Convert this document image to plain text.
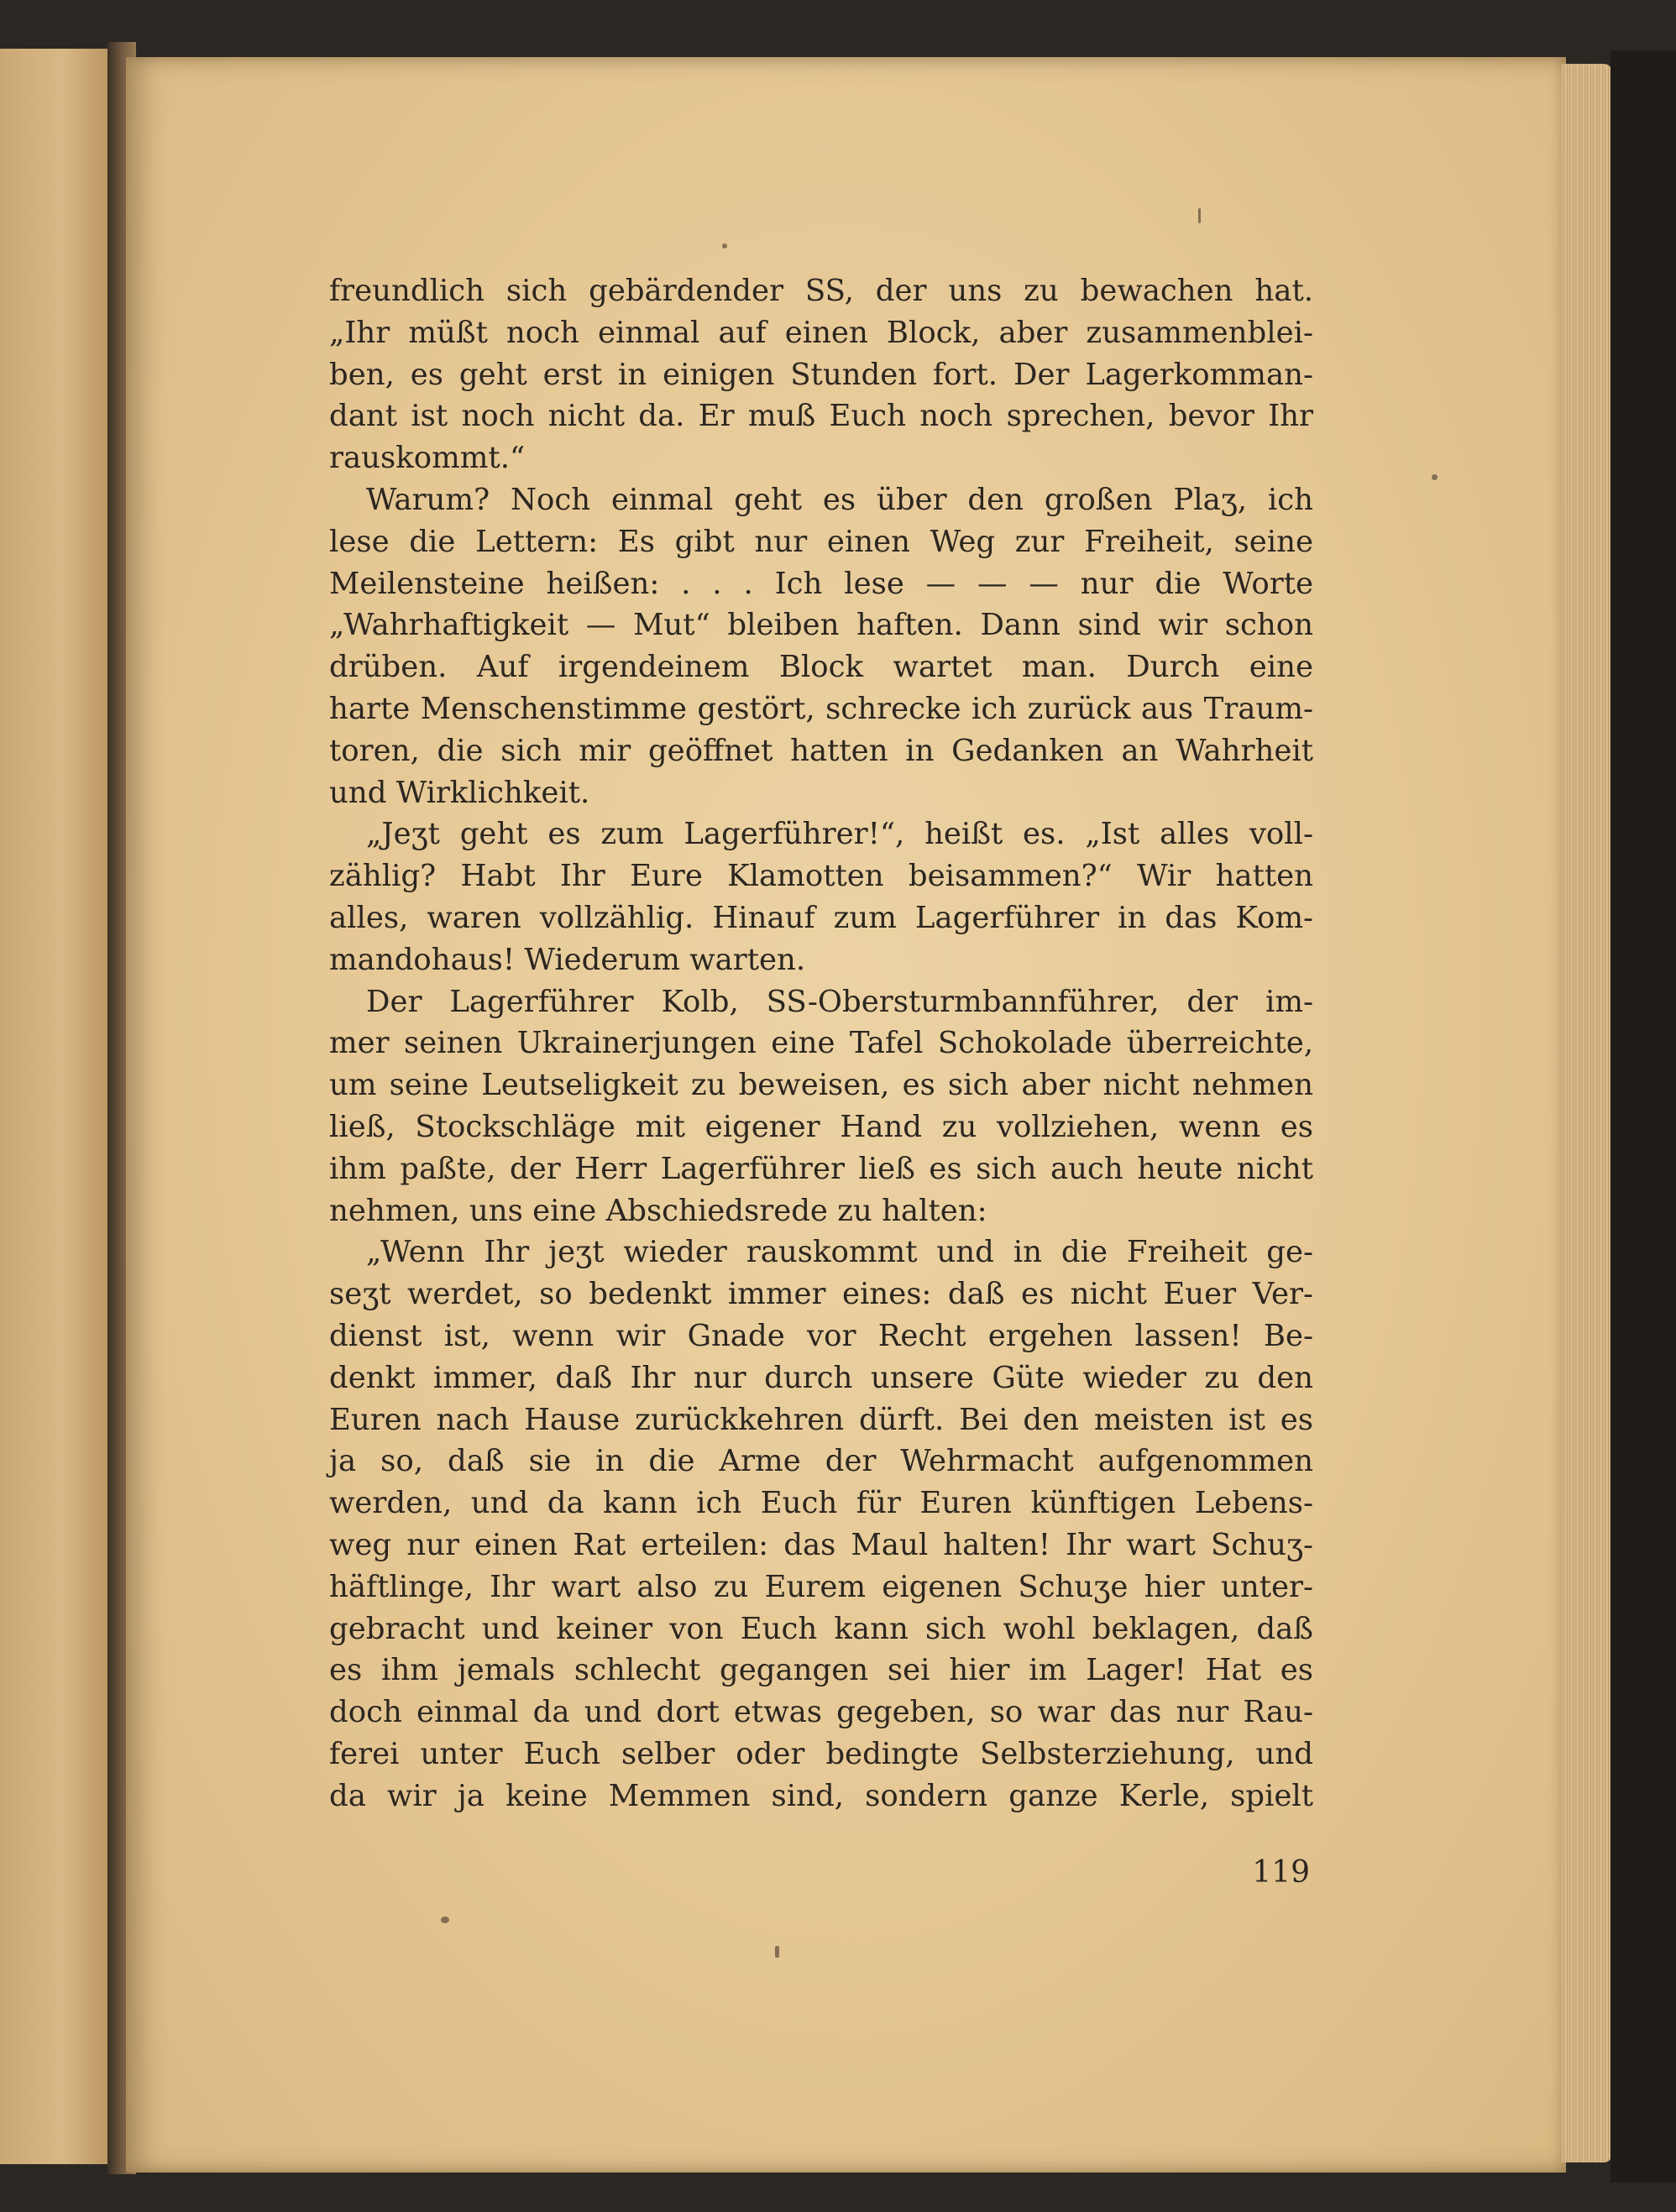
freundlich sich gebärdender SS, der uns zu bewachen hat.
„Ihr müßt noch einmal auf einen Block, aber zusammenblei-
ben, es geht erst in einigen Stunden fort. Der Lagerkomman-
dant ist noch nicht da. Er muß Euch noch sprechen, bevor Ihr
rauskommt.“
Warum? Noch einmal geht es über den großen Plaʒ, ich
lese die Lettern: Es gibt nur einen Weg zur Freiheit, seine
Meilensteine heißen: . . . Ich lese — — — nur die Worte
„Wahrhaftigkeit — Mut“ bleiben haften. Dann sind wir schon
drüben. Auf irgendeinem Block wartet man. Durch eine
harte Menschenstimme gestört, schrecke ich zurück aus Traum-
toren, die sich mir geöffnet hatten in Gedanken an Wahrheit
und Wirklichkeit.
„Jeʒt geht es zum Lagerführer!“, heißt es. „Ist alles voll-
zählig? Habt Ihr Eure Klamotten beisammen?“ Wir hatten
alles, waren vollzählig. Hinauf zum Lagerführer in das Kom-
mandohaus! Wiederum warten.
Der Lagerführer Kolb, SS-Obersturmbannführer, der im-
mer seinen Ukrainerjungen eine Tafel Schokolade überreichte,
um seine Leutseligkeit zu beweisen, es sich aber nicht nehmen
ließ, Stockschläge mit eigener Hand zu vollziehen, wenn es
ihm paßte, der Herr Lagerführer ließ es sich auch heute nicht
nehmen, uns eine Abschiedsrede zu halten:
„Wenn Ihr jeʒt wieder rauskommt und in die Freiheit ge-
seʒt werdet, so bedenkt immer eines: daß es nicht Euer Ver-
dienst ist, wenn wir Gnade vor Recht ergehen lassen! Be-
denkt immer, daß Ihr nur durch unsere Güte wieder zu den
Euren nach Hause zurückkehren dürft. Bei den meisten ist es
ja so, daß sie in die Arme der Wehrmacht aufgenommen
werden, und da kann ich Euch für Euren künftigen Lebens-
weg nur einen Rat erteilen: das Maul halten! Ihr wart Schuʒ-
häftlinge, Ihr wart also zu Eurem eigenen Schuʒe hier unter-
gebracht und keiner von Euch kann sich wohl beklagen, daß
es ihm jemals schlecht gegangen sei hier im Lager! Hat es
doch einmal da und dort etwas gegeben, so war das nur Rau-
ferei unter Euch selber oder bedingte Selbsterziehung, und
da wir ja keine Memmen sind, sondern ganze Kerle, spielt
119
